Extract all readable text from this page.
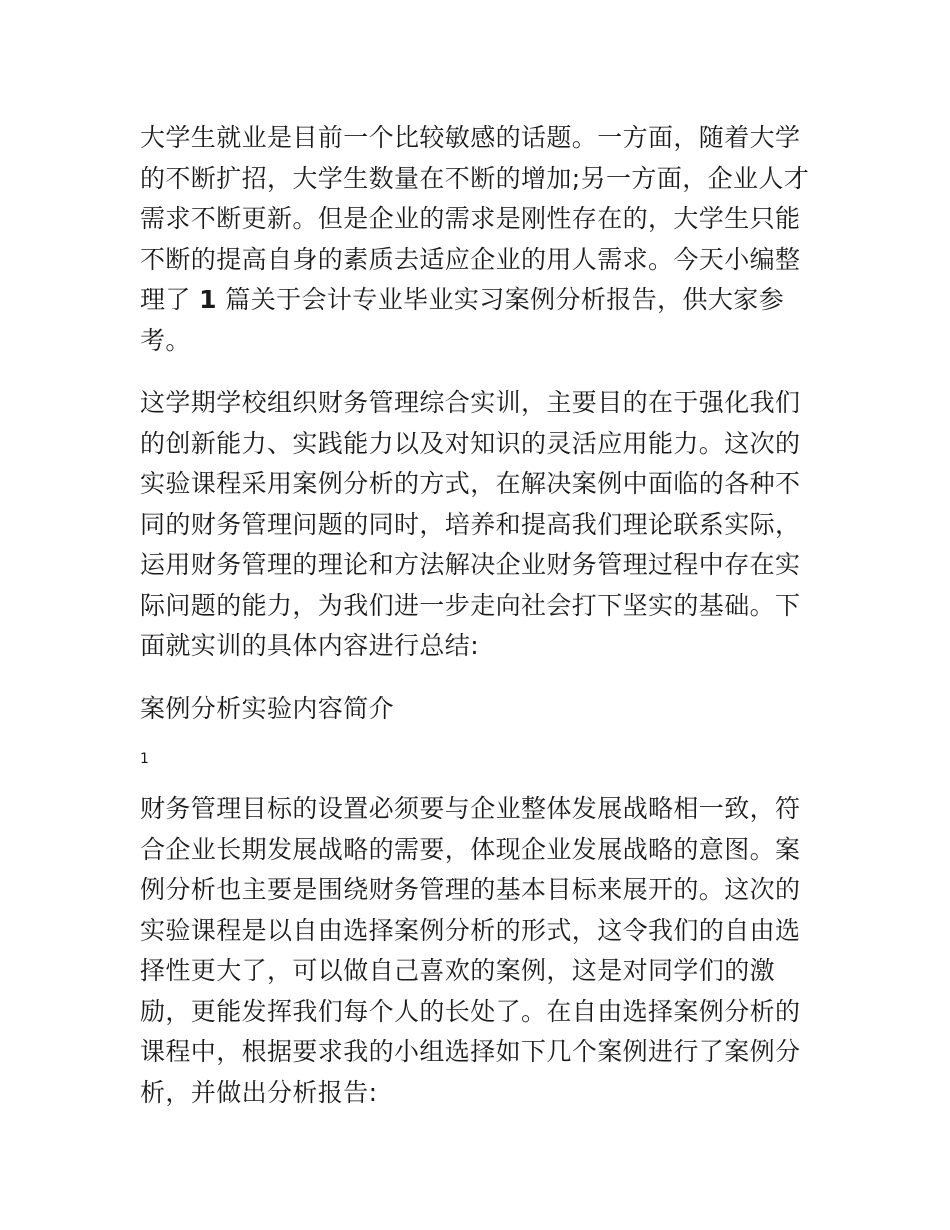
大学生就业是目前一个比较敏感的话题。一方面，随着大学的不断扩招，大学生数量在不断的增加;另一方面，企业人才需求不断更新。但是企业的需求是刚性存在的，大学生只能不断的提高自身的素质去适应企业的用人需求。今天小编整理了 1 篇关于会计专业毕业实习案例分析报告，供大家参考。

这学期学校组织财务管理综合实训，主要目的在于强化我们的创新能力、实践能力以及对知识的灵活应用能力。这次的实验课程采用案例分析的方式，在解决案例中面临的各种不同的财务管理问题的同时，培养和提高我们理论联系实际，运用财务管理的理论和方法解决企业财务管理过程中存在实际问题的能力，为我们进一步走向社会打下坚实的基础。下面就实训的具体内容进行总结:

案例分析实验内容简介

1

财务管理目标的设置必须要与企业整体发展战略相一致，符合企业长期发展战略的需要，体现企业发展战略的意图。案例分析也主要是围绕财务管理的基本目标来展开的。这次的实验课程是以自由选择案例分析的形式，这令我们的自由选择性更大了，可以做自己喜欢的案例，这是对同学们的激励，更能发挥我们每个人的长处了。在自由选择案例分析的课程中，根据要求我的小组选择如下几个案例进行了案例分析，并做出分析报告:
